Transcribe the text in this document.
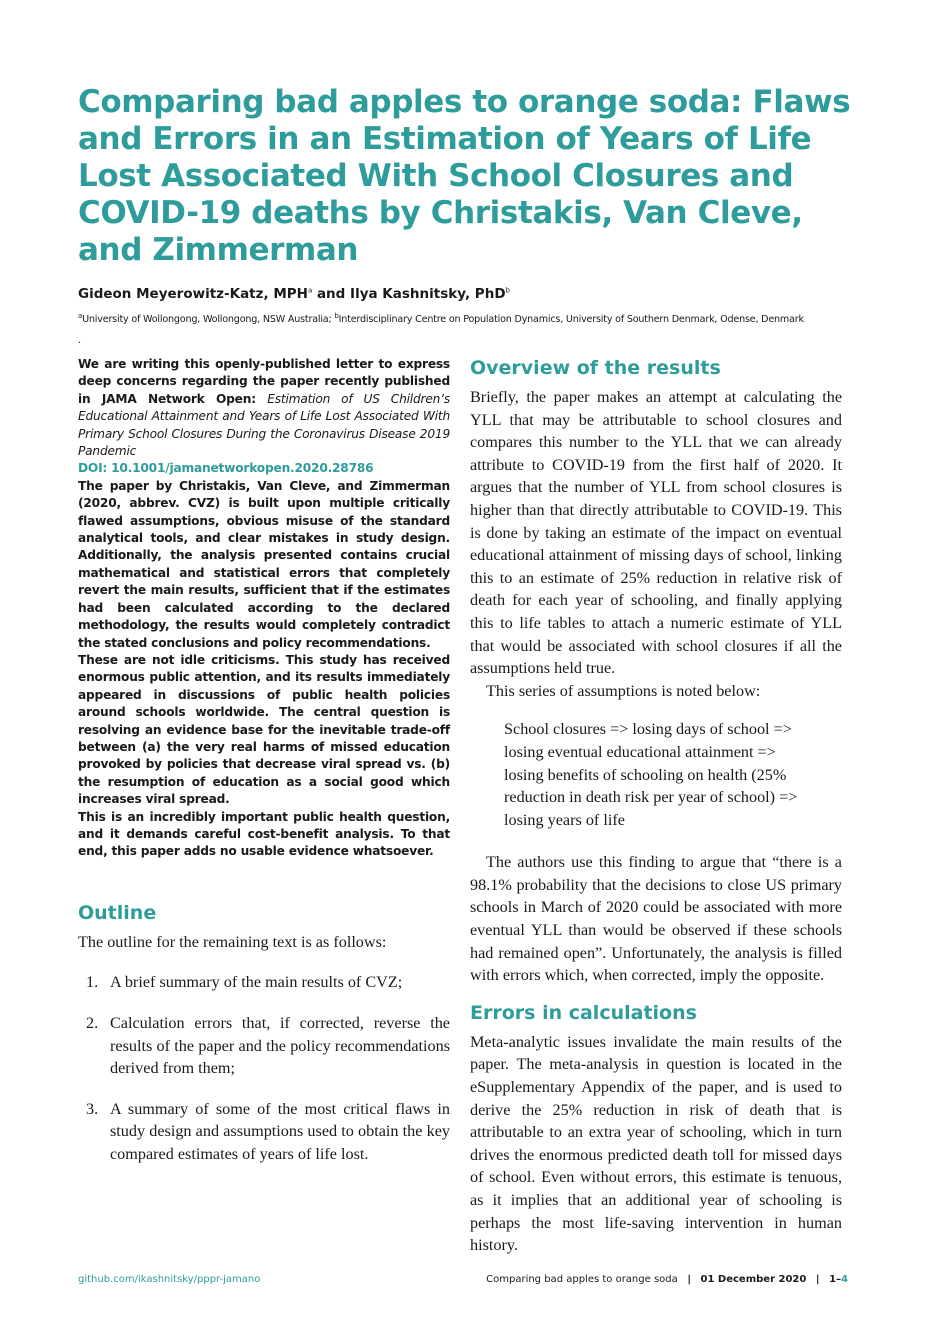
Comparing bad apples to orange soda: Flaws and Errors in an Estimation of Years of Life Lost Associated With School Closures and COVID-19 deaths by Christakis, Van Cleve, and Zimmerman
Gideon Meyerowitz-Katz, MPH$^a$ and Ilya Kashnitsky, PhD$^b$
$^a$University of Wollongong, Wollongong, NSW Australia; $^b$Interdisciplinary Centre on Population Dynamics, University of Southern Denmark, Odense, Denmark
.

We are writing this openly-published letter to express deep concerns regarding the paper recently published in JAMA Network Open: Estimation of US Children’s Educational Attainment and Years of Life Lost Associated With Primary School Closures During the Coronavirus Disease 2019 Pandemic

DOI: 10.1001/jamanetworkopen.2020.28786

The paper by Christakis, Van Cleve, and Zimmerman (2020, abbrev. CVZ) is built upon multiple critically flawed assumptions, obvious misuse of the standard analytical tools, and clear mistakes in study design. Additionally, the analysis presented contains crucial mathematical and statistical errors that completely revert the main results, sufficient that if the estimates had been calculated according to the declared methodology, the results would completely contradict the stated conclusions and policy recommendations.

These are not idle criticisms. This study has received enormous public attention, and its results immediately appeared in discussions of public health policies around schools worldwide. The central question is resolving an evidence base for the inevitable trade-off between (a) the very real harms of missed education provoked by policies that decrease viral spread vs. (b) the resumption of education as a social good which increases viral spread.

This is an incredibly important public health question, and it demands careful cost-benefit analysis. To that end, this paper adds no usable evidence whatsoever.

Outline

The outline for the remaining text is as follows:

1. A brief summary of the main results of CVZ;
2. Calculation errors that, if corrected, reverse the results of the paper and the policy recommendations derived from them;
3. A summary of some of the most critical flaws in study design and assumptions used to obtain the key compared estimates of years of life lost.
Overview of the results

Briefly, the paper makes an attempt at calculating the YLL that may be attributable to school closures and compares this number to the YLL that we can already attribute to COVID-19 from the first half of 2020. It argues that the number of YLL from school closures is higher than that directly attributable to COVID-19. This is done by taking an estimate of the impact on eventual educational attainment of missing days of school, linking this to an estimate of 25% reduction in relative risk of death for each year of schooling, and finally applying this to life tables to attach a numeric estimate of YLL that would be associated with school closures if all the assumptions held true.

This series of assumptions is noted below:

School closures => losing days of school => losing eventual educational attainment => losing benefits of schooling on health (25% reduction in death risk per year of school) => losing years of life

The authors use this finding to argue that “there is a 98.1% probability that the decisions to close US primary schools in March of 2020 could be associated with more eventual YLL than would be observed if these schools had remained open”. Unfortunately, the analysis is filled with errors which, when corrected, imply the opposite.

Errors in calculations

Meta-analytic issues invalidate the main results of the paper. The meta-analysis in question is located in the eSupplementary Appendix of the paper, and is used to derive the 25% reduction in risk of death that is attributable to an extra year of schooling, which in turn drives the enormous predicted death toll for missed days of school. Even without errors, this estimate is tenuous, as it implies that an additional year of schooling is perhaps the most life-saving intervention in human history.

github.com/ikashnitsky/pppr-jamano	Comparing bad apples to orange soda | 01 December 2020 | 1–4
